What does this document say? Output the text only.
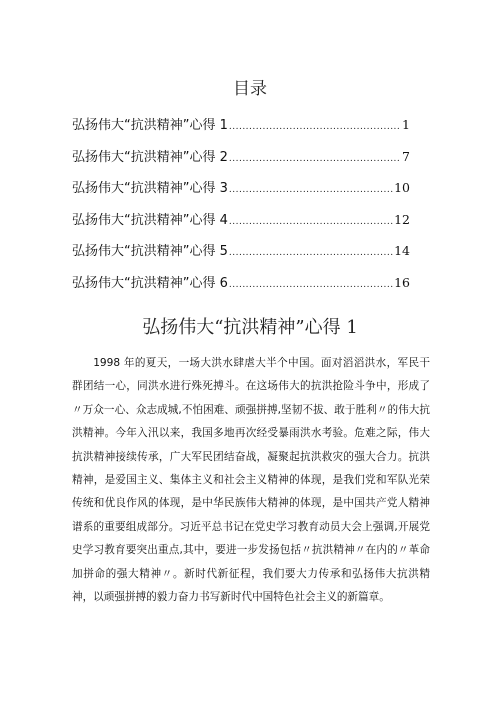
目录
弘扬伟大“抗洪精神”心得 1 .....	1
弘扬伟大“抗洪精神”心得 2 .....	7
弘扬伟大“抗洪精神”心得 3 .....	10
弘扬伟大“抗洪精神”心得 4 .....	12
弘扬伟大“抗洪精神”心得 5 .....	14
弘扬伟大“抗洪精神”心得 6 .....	16
弘扬伟大“抗洪精神”心得 1

1998 年的夏天，一场大洪水肆虐大半个中国。面对滔滔洪水，军民干群团结一心，同洪水进行殊死搏斗。在这场伟大的抗洪抢险斗争中，形成了〃万众一心、众志成城,不怕困难、顽强拼搏,坚韧不拔、敢于胜利〃的伟大抗洪精神。今年入汛以来，我国多地再次经受暴雨洪水考验。危难之际，伟大抗洪精神接续传承，广大军民团结奋战，凝聚起抗洪救灾的强大合力。抗洪精神，是爱国主义、集体主义和社会主义精神的体现，是我们党和军队光荣传统和优良作风的体现，是中华民族伟大精神的体现，是中国共产党人精神谱系的重要组成部分。习近平总书记在党史学习教育动员大会上强调,开展党史学习教育要突出重点,其中，要进一步发扬包括〃抗洪精神〃在内的〃革命加拼命的强大精神〃。新时代新征程，我们要大力传承和弘扬伟大抗洪精神，以顽强拼搏的毅力奋力书写新时代中国特色社会主义的新篇章。
